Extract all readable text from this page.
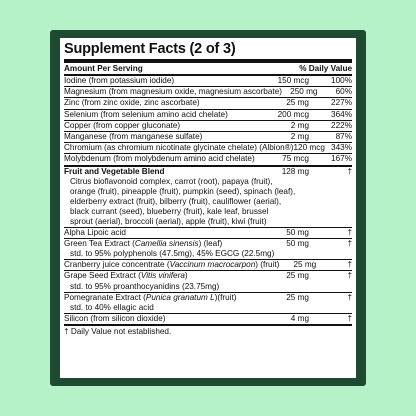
Supplement Facts (2 of 3)
Amount Per Serving	% Daily Value
Iodine (from potassium iodide)	150 mcg	100%
Magnesium (from magnesium oxide, magnesium ascorbate) 250 mg	60%
Zinc (from zinc oxide, zinc ascorbate)	25 mg	227%
Selenium (from selenium amino acid chelate)	200 mcg	364%
Copper (from copper gluconate)	2 mg	222%
Manganese (from manganese sulfate)	2 mg	87%
Chromium (as chromium nicotinate glycinate chelate) (Albion®) 120 mcg 343%
Molybdenum (from molybdenum amino acid chelate)	75 mcg	167%
Fruit and Vegetable Blend	128 mg	†
Citrus bioflavonoid complex, carrot (root), papaya (fruit),
orange (fruit), pineapple (fruit), pumpkin (seed), spinach (leaf),
elderberry extract (fruit), bilberry (fruit), cauliflower (aerial),
black currant (seed), blueberry (fruit), kale leaf, brussel
sprout (aerial), broccoli (aerial), apple (fruit), kiwi (fruit)
Alpha Lipoic acid	50 mg	†
Green Tea Extract (Camellia sinensis) (leaf)	50 mg	†
std. to 95% polyphenols (47.5mg), 45% EGCG (22.5mg)
Cranberry juice concentrate (Vaccinum macrocarpon) (fruit)	25 mg	†
Grape Seed Extract (Vitis vinifera)	25 mg	†
std. to 95% proanthocyanidins (23.75mg)
Pomegranate Extract (Punica granatum L)(fruit)	25 mg	†
std. to 40% ellagic acid
Silicon (from silicon dioxide)	4 mg	†
† Daily Value not established.
